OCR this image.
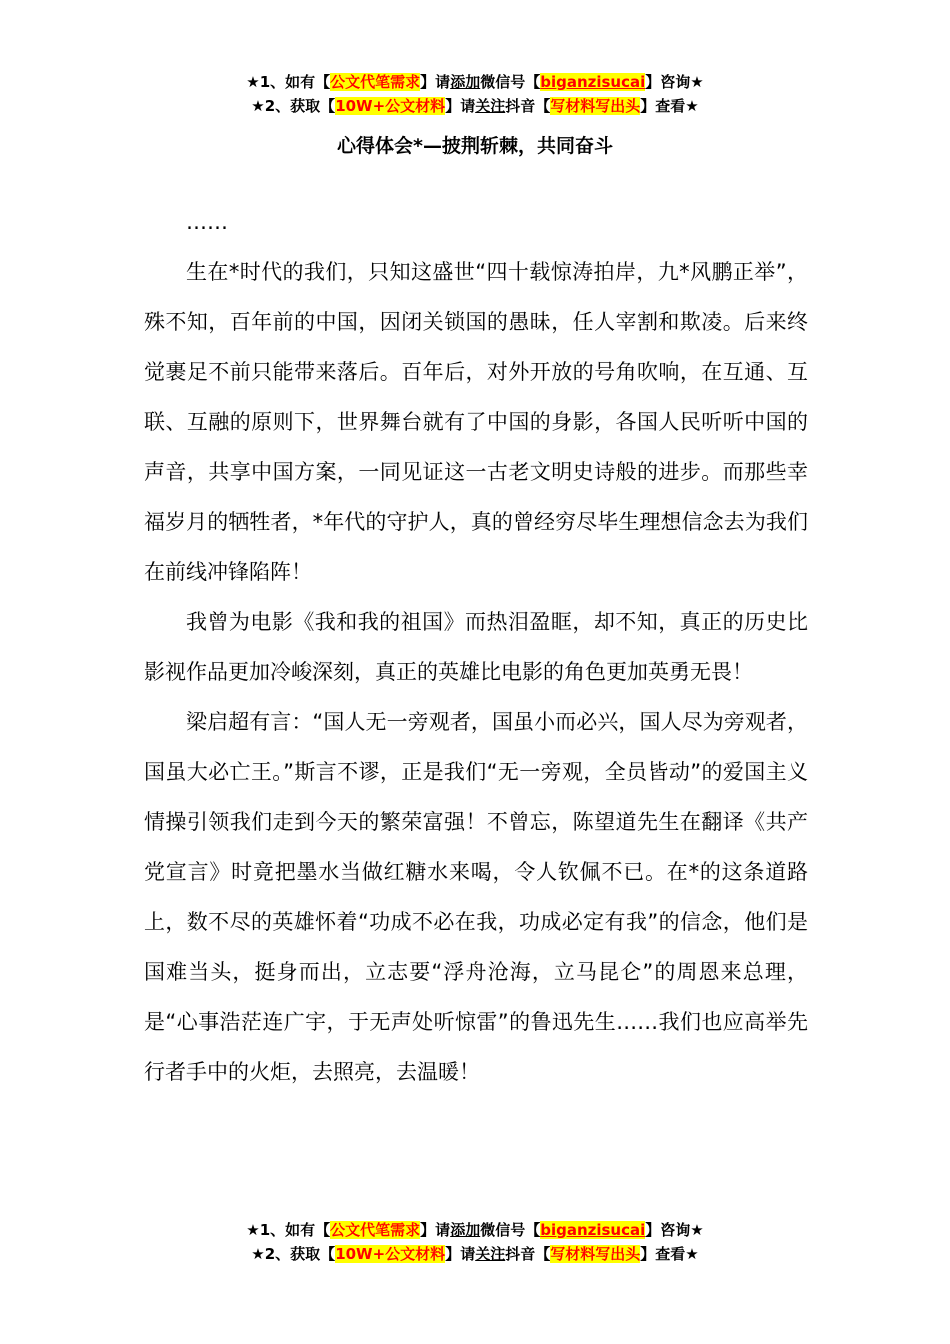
★1、如有【公文代笔需求】请添加微信号【biganzisucai】咨询★
★2、获取【10W+公文材料】请关注抖音【写材料写出头】查看★
心得体会*—披荆斩棘，共同奋斗

……

生在*时代的我们，只知这盛世“四十载惊涛拍岸，九*风鹏正举”，殊不知，百年前的中国，因闭关锁国的愚昧，任人宰割和欺凌。后来终觉裹足不前只能带来落后。百年后，对外开放的号角吹响，在互通、互联、互融的原则下，世界舞台就有了中国的身影，各国人民听听中国的声音，共享中国方案，一同见证这一古老文明史诗般的进步。而那些幸福岁月的牺牲者，*年代的守护人，真的曾经穷尽毕生理想信念去为我们在前线冲锋陷阵！

我曾为电影《我和我的祖国》而热泪盈眶，却不知，真正的历史比影视作品更加冷峻深刻，真正的英雄比电影的角色更加英勇无畏！

梁启超有言：“国人无一旁观者，国虽小而必兴，国人尽为旁观者，国虽大必亡王。”斯言不谬，正是我们“无一旁观，全员皆动”的爱国主义情操引领我们走到今天的繁荣富强！不曾忘，陈望道先生在翻译《共产党宣言》时竟把墨水当做红糖水来喝，令人钦佩不已。在*的这条道路上，数不尽的英雄怀着“功成不必在我，功成必定有我”的信念，他们是国难当头，挺身而出，立志要“浮舟沧海，立马昆仑”的周恩来总理，是“心事浩茫连广宇，于无声处听惊雷”的鲁迅先生……我们也应高举先行者手中的火炬，去照亮，去温暖！

★1、如有【公文代笔需求】请添加微信号【biganzisucai】咨询★
★2、获取【10W+公文材料】请关注抖音【写材料写出头】查看★
